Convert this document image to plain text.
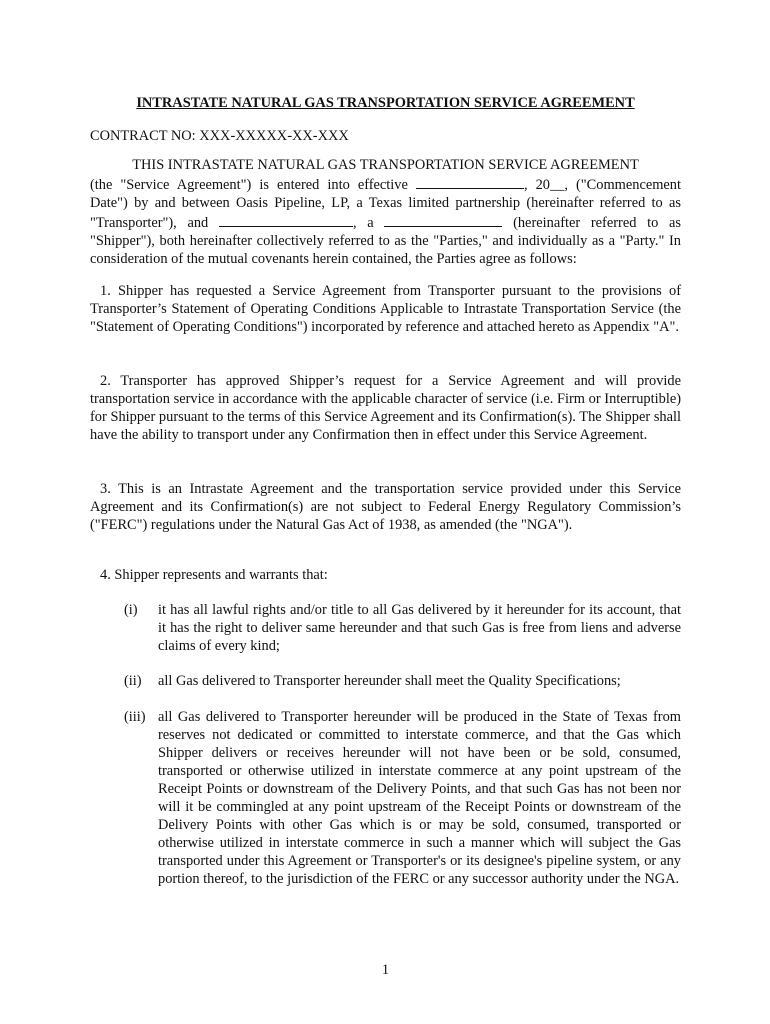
INTRASTATE NATURAL GAS TRANSPORTATION SERVICE AGREEMENT
CONTRACT NO: XXX-XXXXX-XX-XXX

THIS INTRASTATE NATURAL GAS TRANSPORTATION SERVICE AGREEMENT

(the "Service Agreement") is entered into effective	, 20__, ("Commencement Date") by and between Oasis Pipeline, LP, a Texas limited partnership (hereinafter referred to as "Transporter"), and	, a	(hereinafter referred to as "Shipper"), both hereinafter collectively referred to as the "Parties," and individually as a "Party." In consideration of the mutual covenants herein contained, the Parties agree as follows:

1. Shipper has requested a Service Agreement from Transporter pursuant to the provisions of Transporter’s Statement of Operating Conditions Applicable to Intrastate Transportation Service (the "Statement of Operating Conditions") incorporated by reference and attached hereto as Appendix "A".
2. Transporter has approved Shipper’s request for a Service Agreement and will provide transportation service in accordance with the applicable character of service (i.e. Firm or Interruptible) for Shipper pursuant to the terms of this Service Agreement and its Confirmation(s). The Shipper shall have the ability to transport under any Confirmation then in effect under this Service Agreement.
3. This is an Intrastate Agreement and the transportation service provided under this Service Agreement and its Confirmation(s) are not subject to Federal Energy Regulatory Commission’s ("FERC") regulations under the Natural Gas Act of 1938, as amended (the "NGA").
4. Shipper represents and warrants that:
(i) it has all lawful rights and/or title to all Gas delivered by it hereunder for its account, that it has the right to deliver same hereunder and that such Gas is free from liens and adverse claims of every kind;
(ii) all Gas delivered to Transporter hereunder shall meet the Quality Specifications;
(iii) all Gas delivered to Transporter hereunder will be produced in the State of Texas from reserves not dedicated or committed to interstate commerce, and that the Gas which Shipper delivers or receives hereunder will not have been or be sold, consumed, transported or otherwise utilized in interstate commerce at any point upstream of the Receipt Points or downstream of the Delivery Points, and that such Gas has not been nor will it be commingled at any point upstream of the Receipt Points or downstream of the Delivery Points with other Gas which is or may be sold, consumed, transported or otherwise utilized in interstate commerce in such a manner which will subject the Gas transported under this Agreement or Transporter's or its designee's pipeline system, or any portion thereof, to the jurisdiction of the FERC or any successor authority under the NGA.
1
